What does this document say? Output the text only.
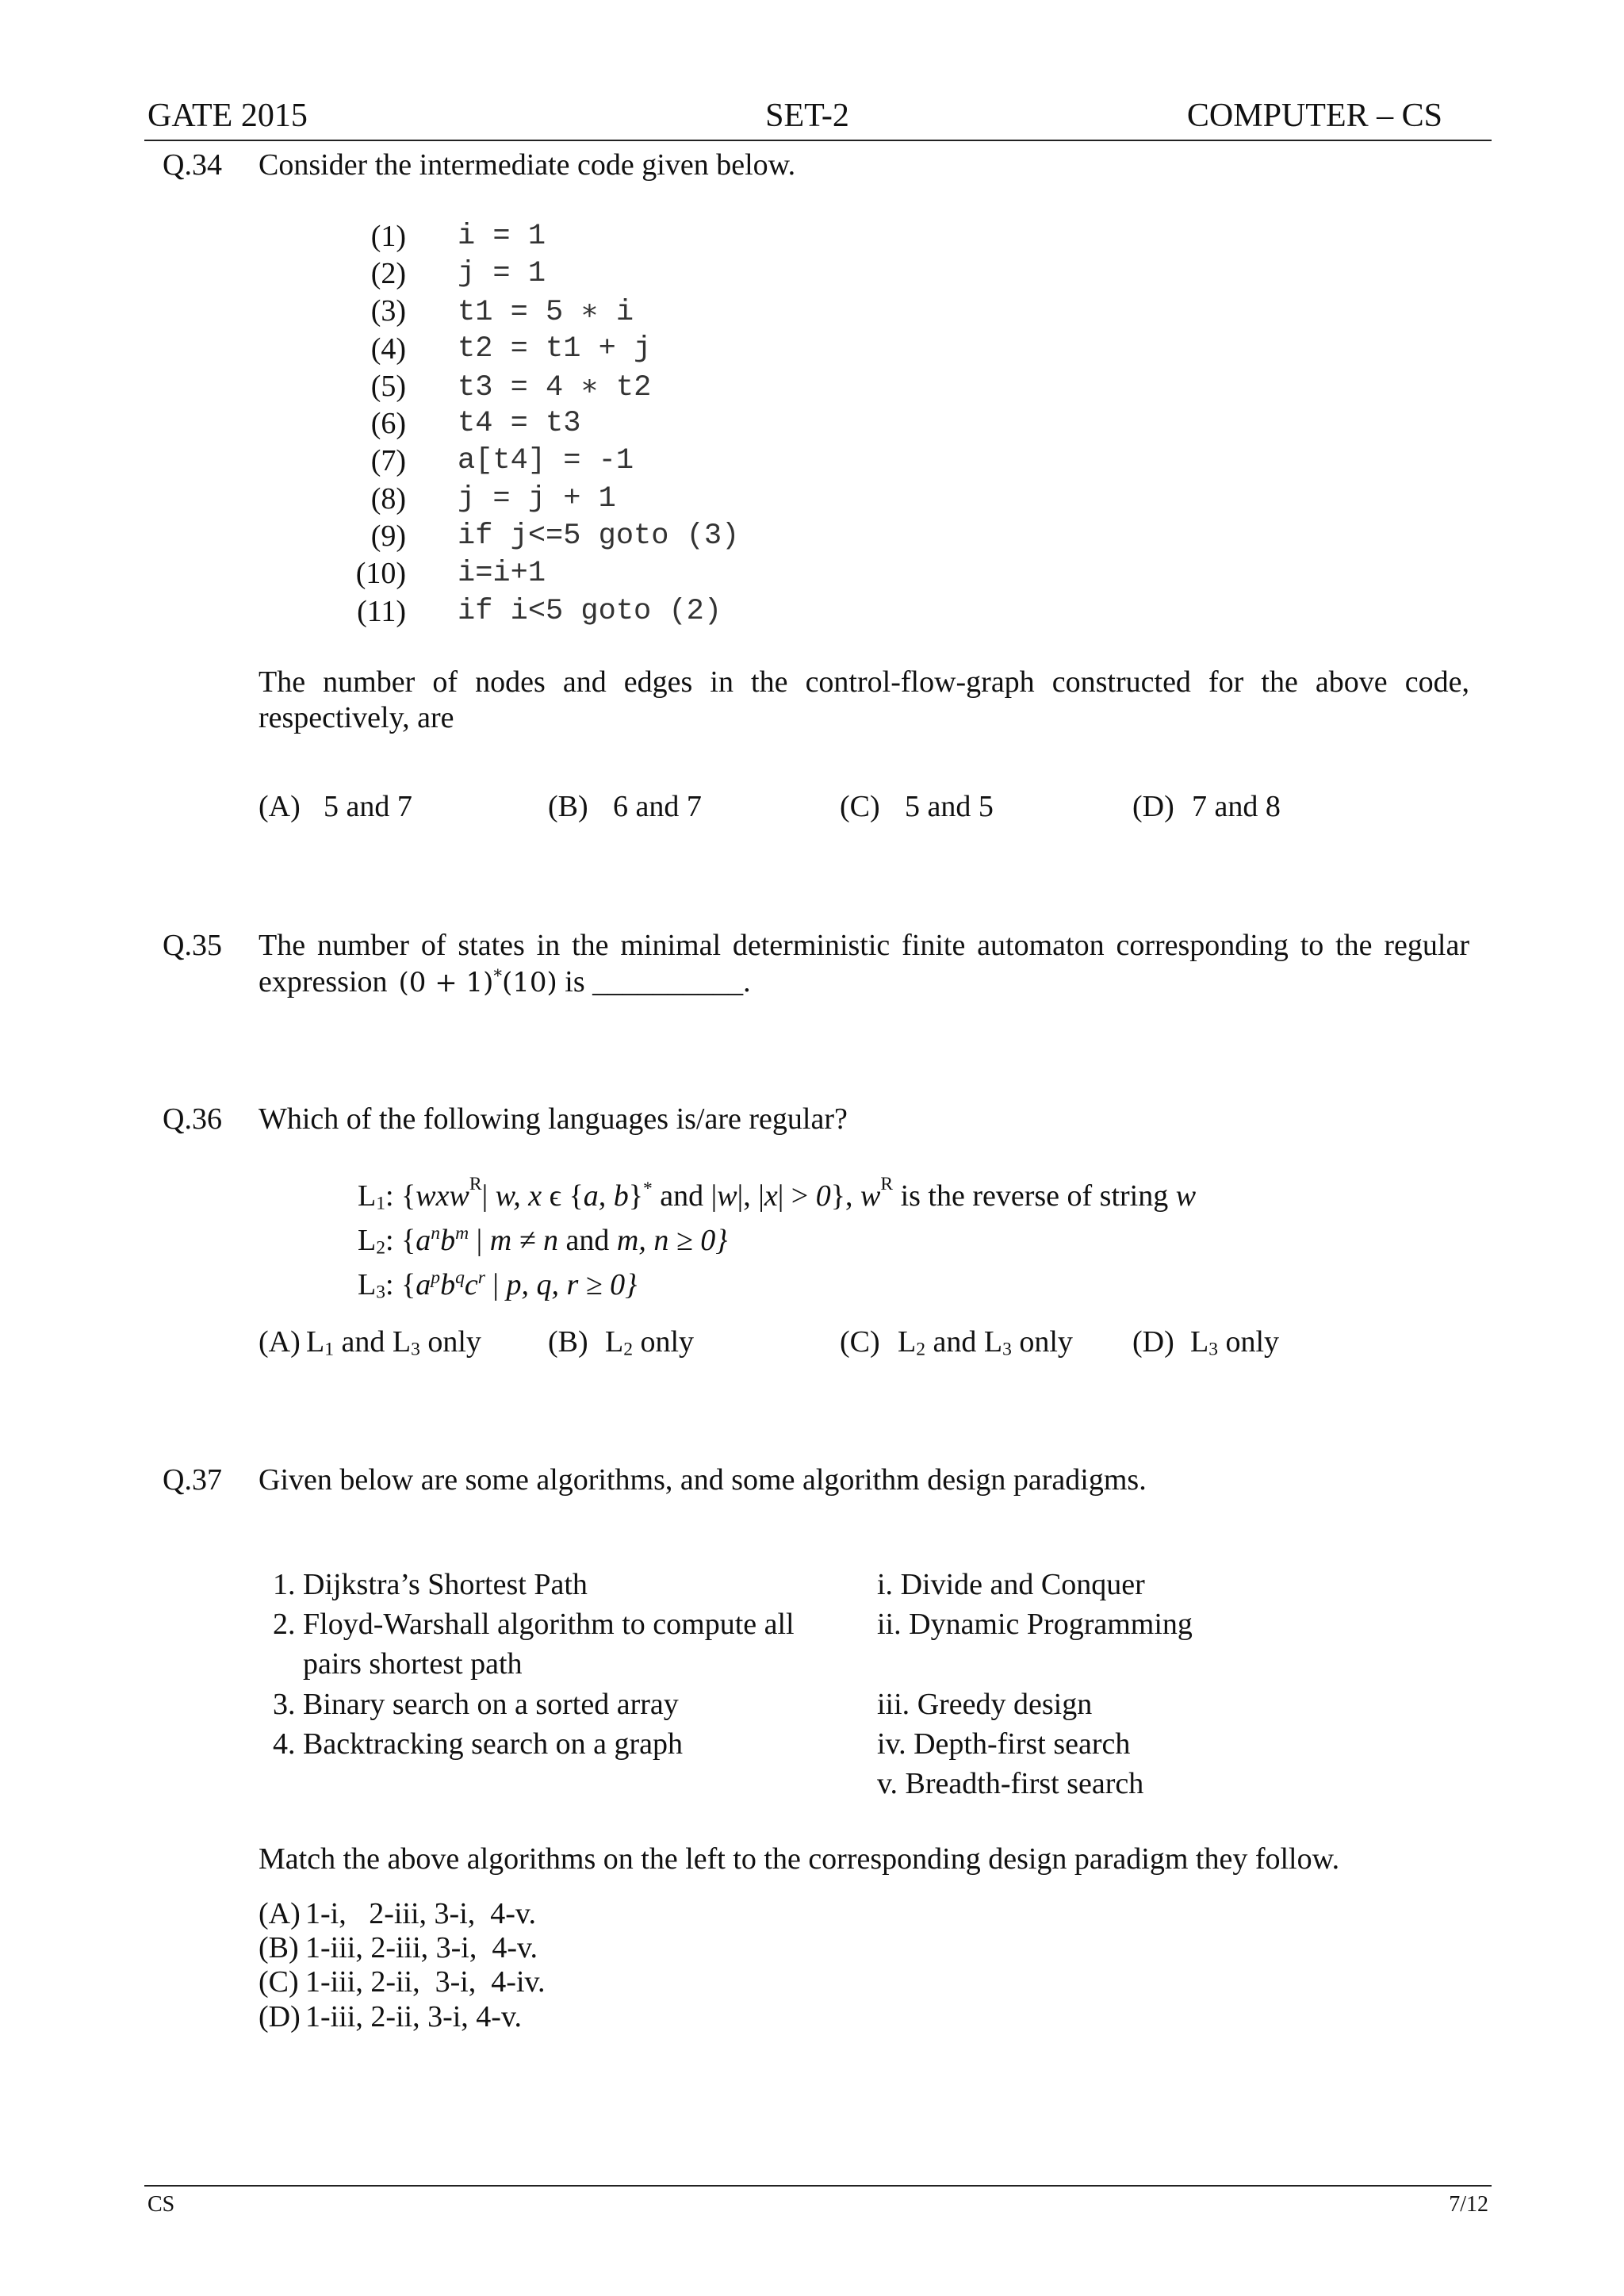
GATE 2015	SET-2	COMPUTER – CS
Q.34 Consider the intermediate code given below.
(1) i = 1
(2) j = 1
(3) t1 = 5 ∗ i
(4) t2 = t1 + j
(5) t3 = 4 ∗ t2
(6) t4 = t3
(7) a[t4] = -1
(8) j = j + 1
(9) if j<=5 goto (3)
(10) i=i+1
(11) if i<5 goto (2)
The number of nodes and edges in the control-flow-graph constructed for the above code,
respectively, are
(A) 5 and 7	(B) 6 and 7	(C) 5 and 5	(D) 7 and 8
Q.35 The number of states in the minimal deterministic finite automaton corresponding to the regular
expression (0 + 1)*(10) is __________.
Q.36 Which of the following languages is/are regular?
$L_1$: {wxw$^R$| w, x ϵ {a, b}* and |w|, |x| > 0}, $w^R$ is the reverse of string w
$L_2$: {$a^nb^m$ | m ≠ n and m, n ≥ 0}
$L_3$: {$a^pb^qc^r$ | p, q, r ≥ 0}
(A) $L_1$ and $L_3$ only (B) $L_2$ only	(C) $L_2$ and $L_3$ only (D) $L_3$ only
Q.37 Given below are some algorithms, and some algorithm design paradigms.
1. Dijkstra’s Shortest Path
2. Floyd-Warshall algorithm to compute all
pairs shortest path
3. Binary search on a sorted array
4. Backtracking search on a graph
i. Divide and Conquer
ii. Dynamic Programming
iii. Greedy design
iv. Depth-first search
v. Breadth-first search
Match the above algorithms on the left to the corresponding design paradigm they follow.
(A) 1-i,   2-iii, 3-i,  4-v.
(B) 1-iii, 2-iii, 3-i,  4-v.
(C) 1-iii, 2-ii,  3-i,  4-iv.
(D) 1-iii, 2-ii, 3-i, 4-v.
CS	7/12
